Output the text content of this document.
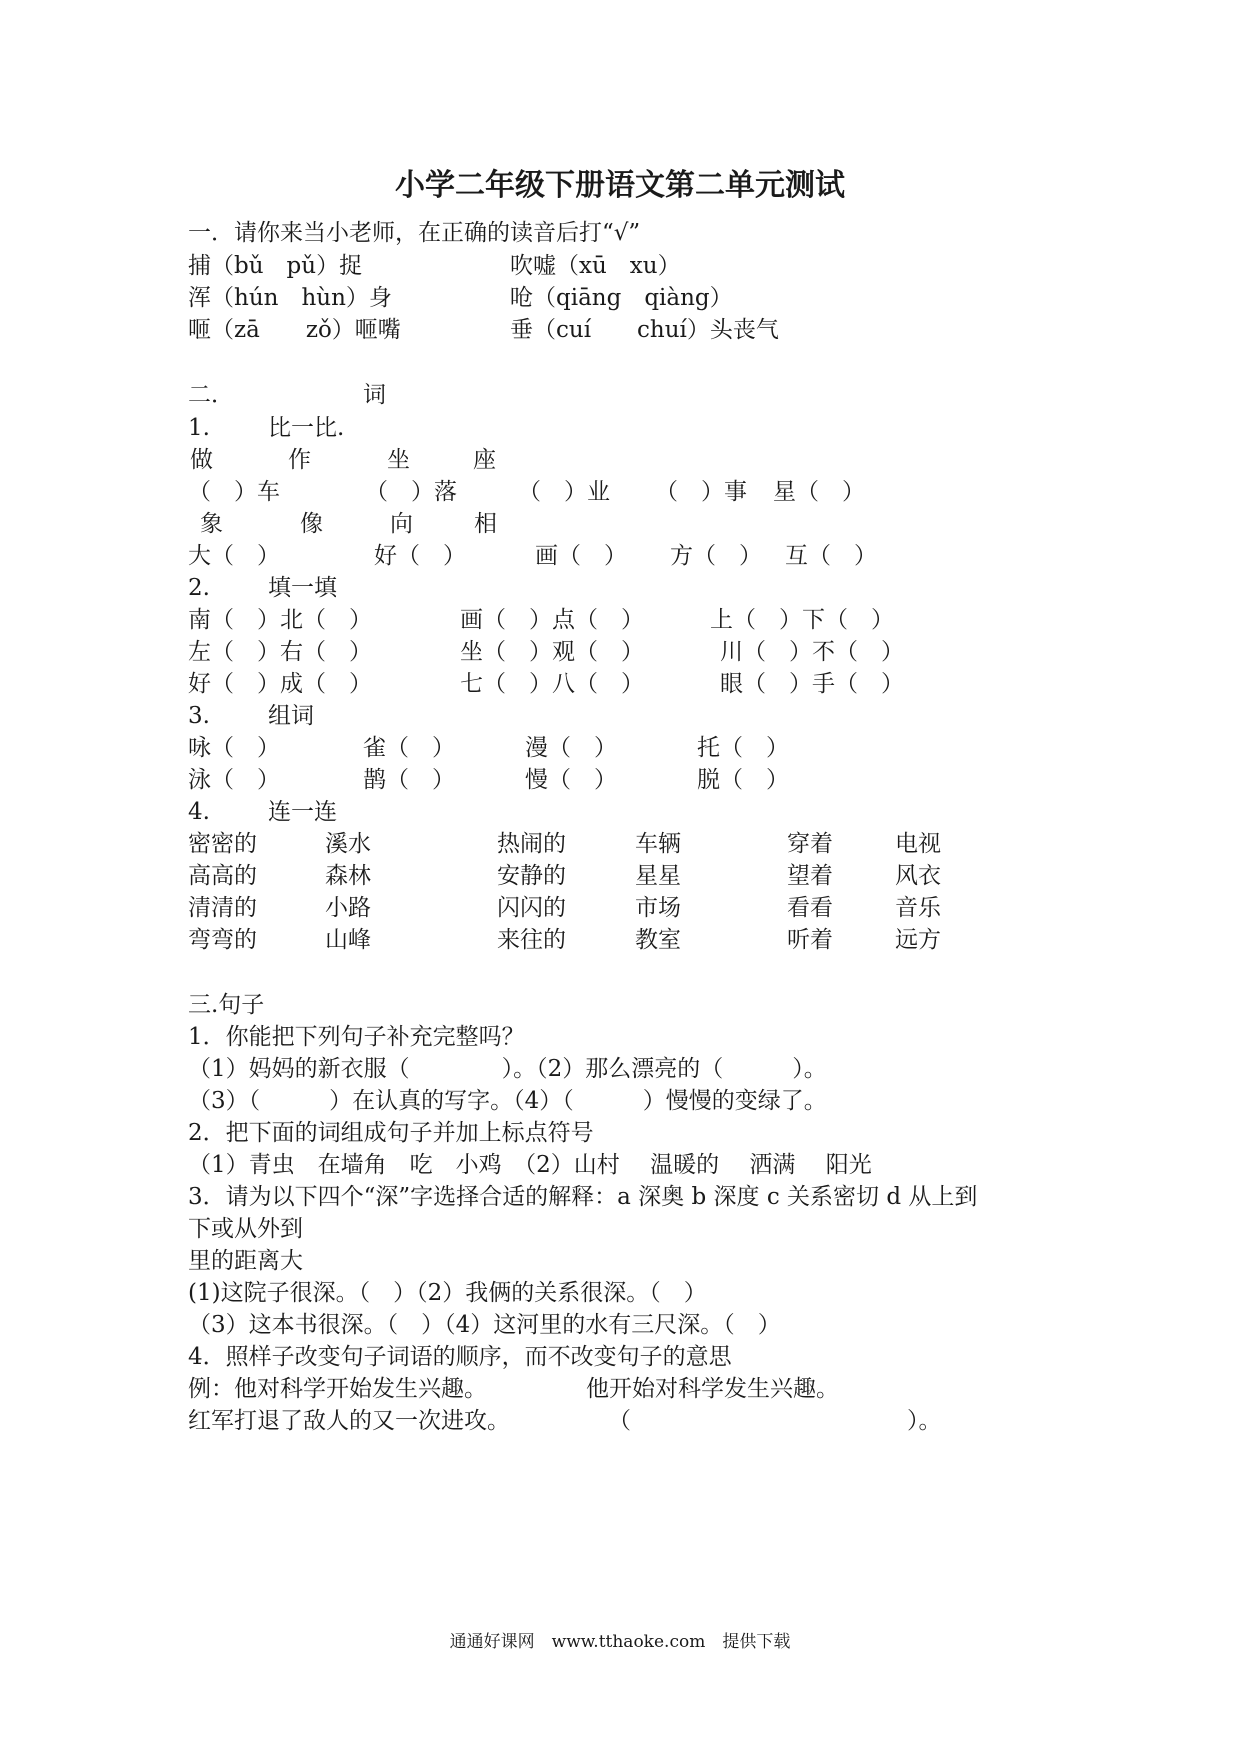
小学二年级下册语文第二单元测试
一．请你来当小老师，在正确的读音后打“√”
捕（bǔ　pǔ）捉	吹嘘（xū　xu）
浑（hún　hùn）身	呛（qiāng　qiàng）
咂（zā　　zǒ）咂嘴	垂（cuí　　chuí）头丧气
二．	词
1.	比一比.
做	作	坐	座
（　）车	（　）落	（　）业 （　）事 星（　）
象	像	向	相
大（　）	好（　）	画（　） 方（　） 互（　）
2.	填一填
南（　）北（　）	画（　）点（　）	上（　）下（　）
左（　）右（　）	坐（　）观（　）	川（　）不（　）
好（　）成（　）	七（　）八（　）	眼（　）手（　）
3.	组词
咏（　）	雀（　）	漫（　）	托（　）
泳（　）	鹊（　）	慢（　）	脱（　）
4.	连一连
密密的	溪水	热闹的	车辆	穿着	电视
高高的	森林	安静的	星星	望着	风衣
清清的	小路	闪闪的	市场	看看	音乐
弯弯的	山峰	来往的	教室	听着	远方
三.句子
1．你能把下列句子补充完整吗？
（1）妈妈的新衣服（　　　　）。（2）那么漂亮的（　　　）。
（3）（　　　）在认真的写字。（4）（　　　）慢慢的变绿了。
2．把下面的词组成句子并加上标点符号
（1）青虫　在墙角　吃　小鸡　（2）山村　 温暖的　 洒满　 阳光
3．请为以下四个“深”字选择合适的解释：a 深奥 b 深度 c 关系密切 d 从上到
下或从外到
里的距离大
(1)这院子很深。（　）（2）我俩的关系很深。（　）
（3）这本书很深。（　）（4）这河里的水有三尺深。（　）
4．照样子改变句子词语的顺序，而不改变句子的意思
例：他对科学开始发生兴趣。	他开始对科学发生兴趣。
红军打退了敌人的又一次进攻。	（　　　　　　　　　　　　）。
通通好课网　www.tthaoke.com　提供下载
